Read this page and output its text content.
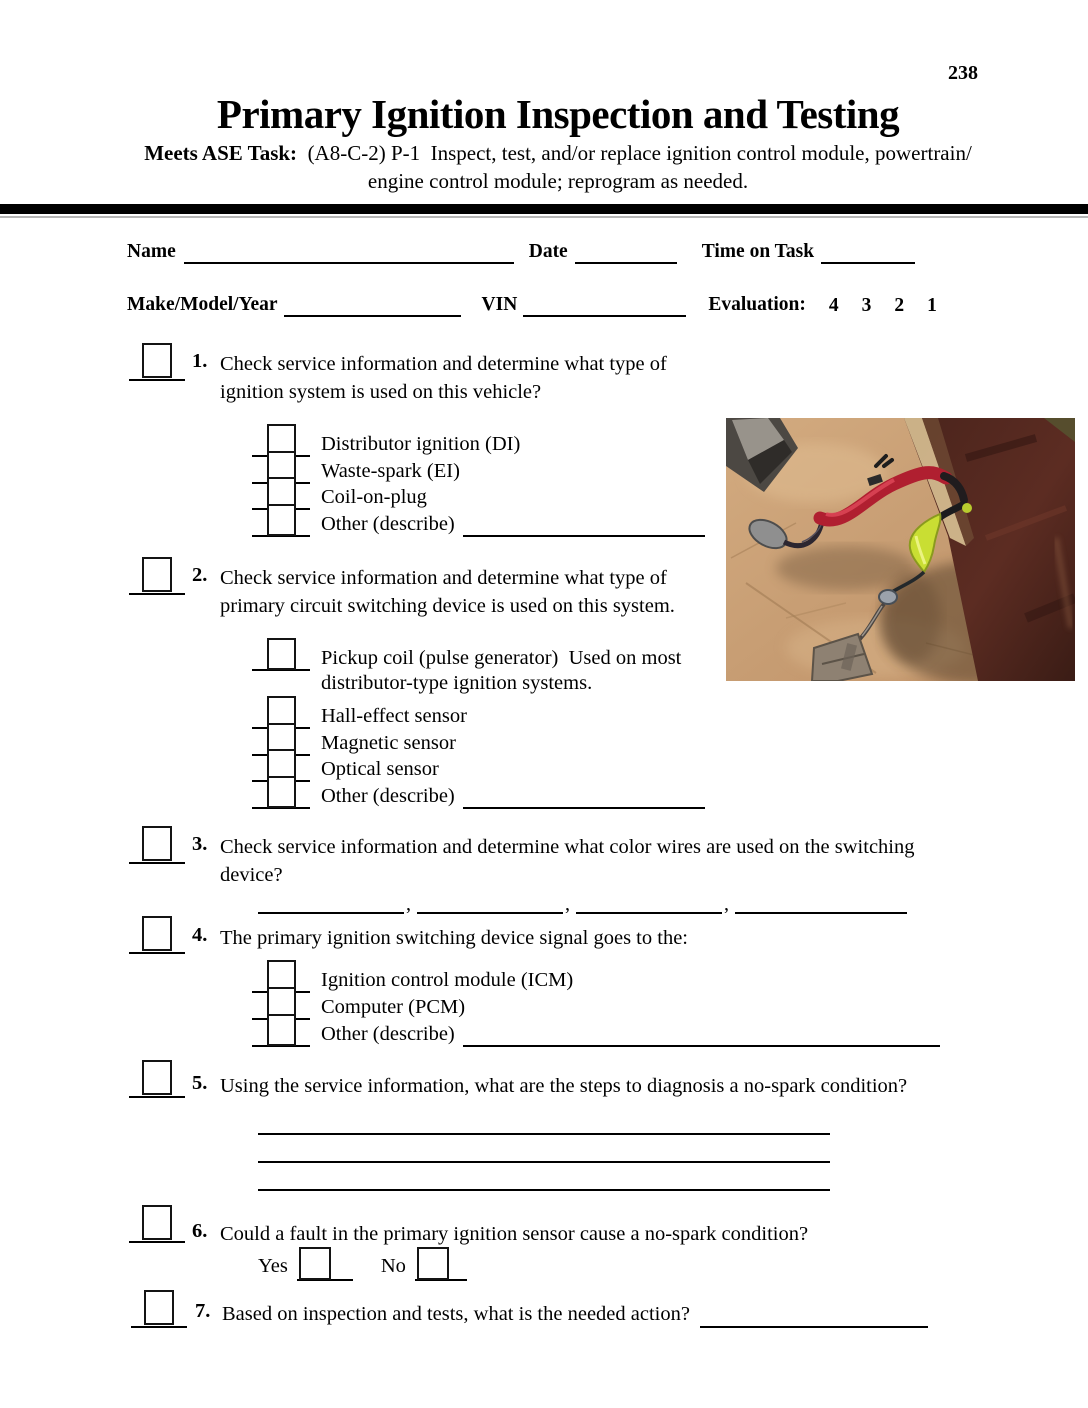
238
Primary Ignition Inspection and Testing
Meets ASE Task:  (A8-C-2) P-1  Inspect, test, and/or replace ignition control module, powertrain/
engine control module; reprogram as needed.
Name	Date	Time on Task
Make/Model/Year	VIN	Evaluation: 4 3 2 1
1. Check service information and determine what type of
ignition system is used on this vehicle?
Distributor ignition (DI)
Waste-spark (EI)
Coil-on-plug
Other (describe)
2. Check service information and determine what type of
primary circuit switching device is used on this system.
Pickup coil (pulse generator)  Used on most
distributor-type ignition systems.
Hall-effect sensor
Magnetic sensor
Optical sensor
Other (describe)
3. Check service information and determine what color wires are used on the switching
device?
,	,	,
4. The primary ignition switching device signal goes to the:
Ignition control module (ICM)
Computer (PCM)
Other (describe)
5. Using the service information, what are the steps to diagnosis a no-spark condition?
6. Could a fault in the primary ignition sensor cause a no-spark condition?
Yes	No
7. Based on inspection and tests, what is the needed action?
